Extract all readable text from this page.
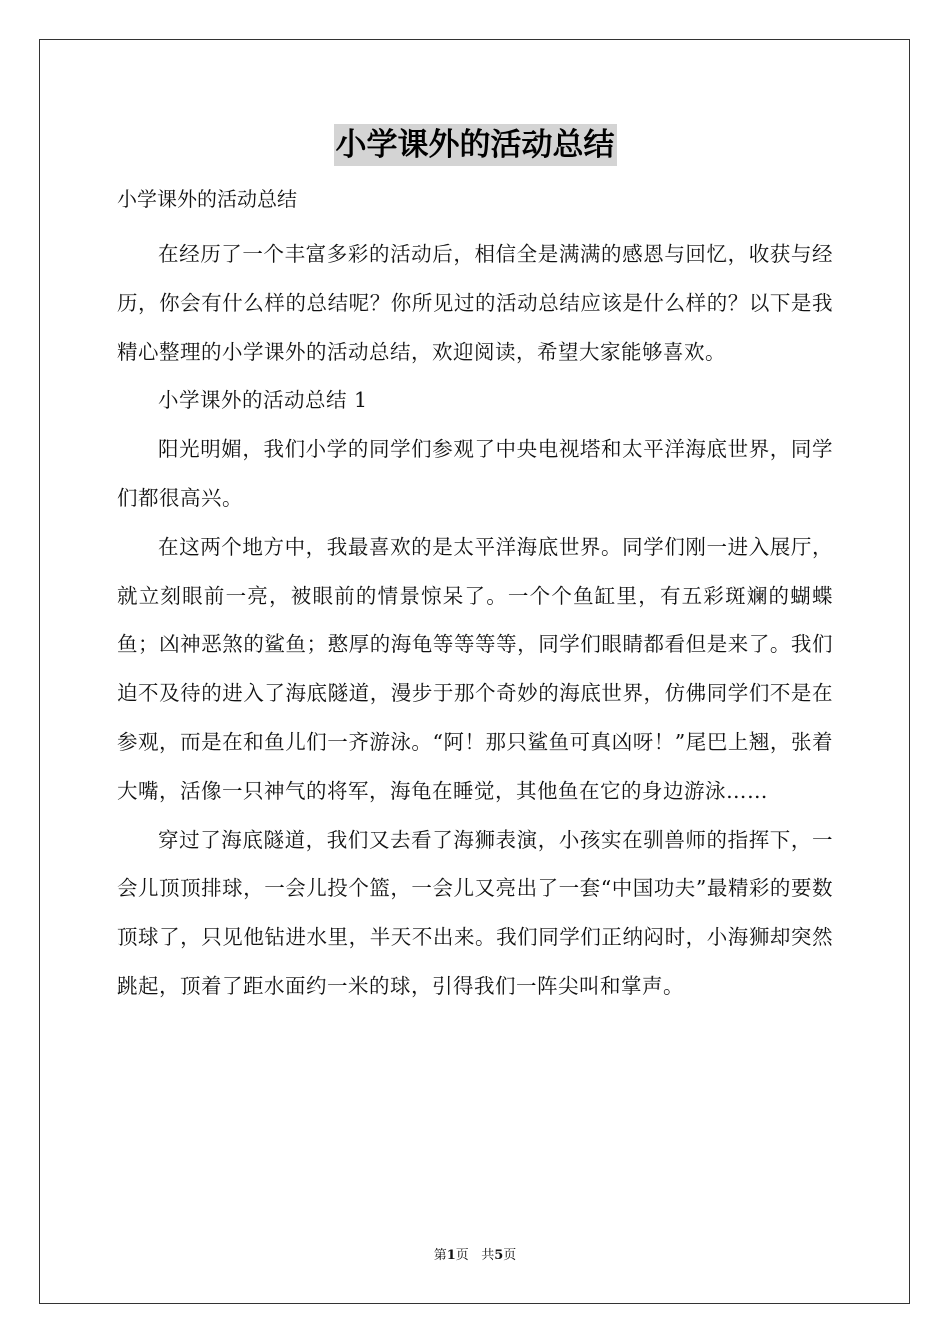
小学课外的活动总结
小学课外的活动总结

在经历了一个丰富多彩的活动后，相信全是满满的感恩与回忆，收获与经历，你会有什么样的总结呢？你所见过的活动总结应该是什么样的？以下是我精心整理的小学课外的活动总结，欢迎阅读，希望大家能够喜欢。

小学课外的活动总结 1

阳光明媚，我们小学的同学们参观了中央电视塔和太平洋海底世界，同学们都很高兴。

在这两个地方中，我最喜欢的是太平洋海底世界。同学们刚一进入展厅，就立刻眼前一亮，被眼前的情景惊呆了。一个个鱼缸里，有五彩斑斓的蝴蝶鱼；凶神恶煞的鲨鱼；憨厚的海龟等等等等，同学们眼睛都看但是来了。我们迫不及待的进入了海底隧道，漫步于那个奇妙的海底世界，仿佛同学们不是在参观，而是在和鱼儿们一齐游泳。“阿！那只鲨鱼可真凶呀！”尾巴上翘，张着大嘴，活像一只神气的将军，海龟在睡觉，其他鱼在它的身边游泳……

穿过了海底隧道，我们又去看了海狮表演，小孩实在驯兽师的指挥下，一会儿顶顶排球，一会儿投个篮，一会儿又亮出了一套“中国功夫”最精彩的要数顶球了，只见他钻进水里，半天不出来。我们同学们正纳闷时，小海狮却突然跳起，顶着了距水面约一米的球，引得我们一阵尖叫和掌声。

第1页 共5页
